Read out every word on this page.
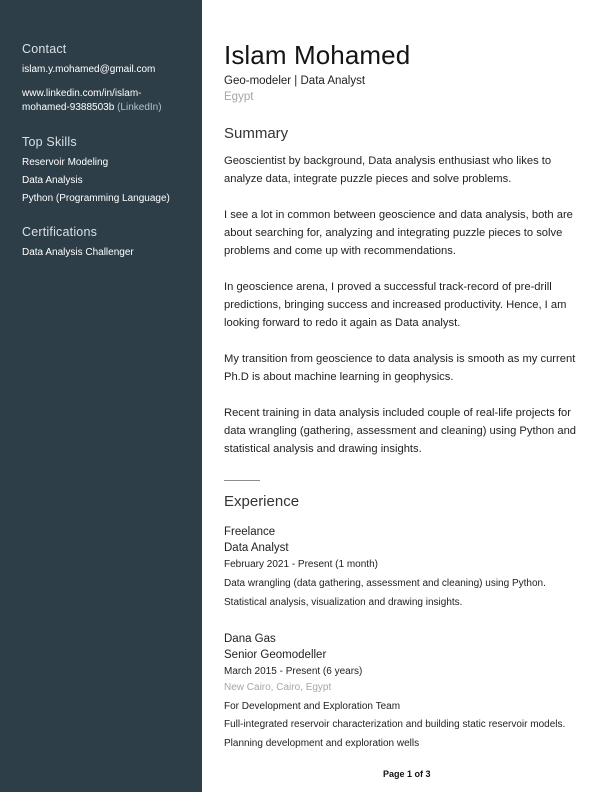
Contact
islam.y.mohamed@gmail.com
www.linkedin.com/in/islam-
mohamed-9388503b (LinkedIn)
Top Skills
Reservoir Modeling
Data Analysis
Python (Programming Language)
Certifications
Data Analysis Challenger
Islam Mohamed
Geo-modeler | Data Analyst
Egypt
Summary
Geoscientist by background, Data analysis enthusiast who likes to analyze data, integrate puzzle pieces and solve problems.
I see a lot in common between geoscience and data analysis, both are about searching for, analyzing and integrating puzzle pieces to solve problems and come up with recommendations.
In geoscience arena, I proved a successful track-record of pre-drill predictions, bringing success and increased productivity. Hence, I am looking forward to redo it again as Data analyst.
My transition from geoscience to data analysis is smooth as my current Ph.D is about machine learning in geophysics.
Recent training in data analysis included couple of real-life projects for data wrangling (gathering, assessment and cleaning) using Python and statistical analysis and drawing insights.
Experience
Freelance
Data Analyst
February 2021 - Present (1 month)
Data wrangling (data gathering, assessment and cleaning) using Python.
Statistical analysis, visualization and drawing insights.
Dana Gas
Senior Geomodeller
March 2015 - Present (6 years)
New Cairo, Cairo, Egypt
For Development and Exploration Team
Full-integrated reservoir characterization and building static reservoir models.
Planning development and exploration wells
Page 1 of 3
